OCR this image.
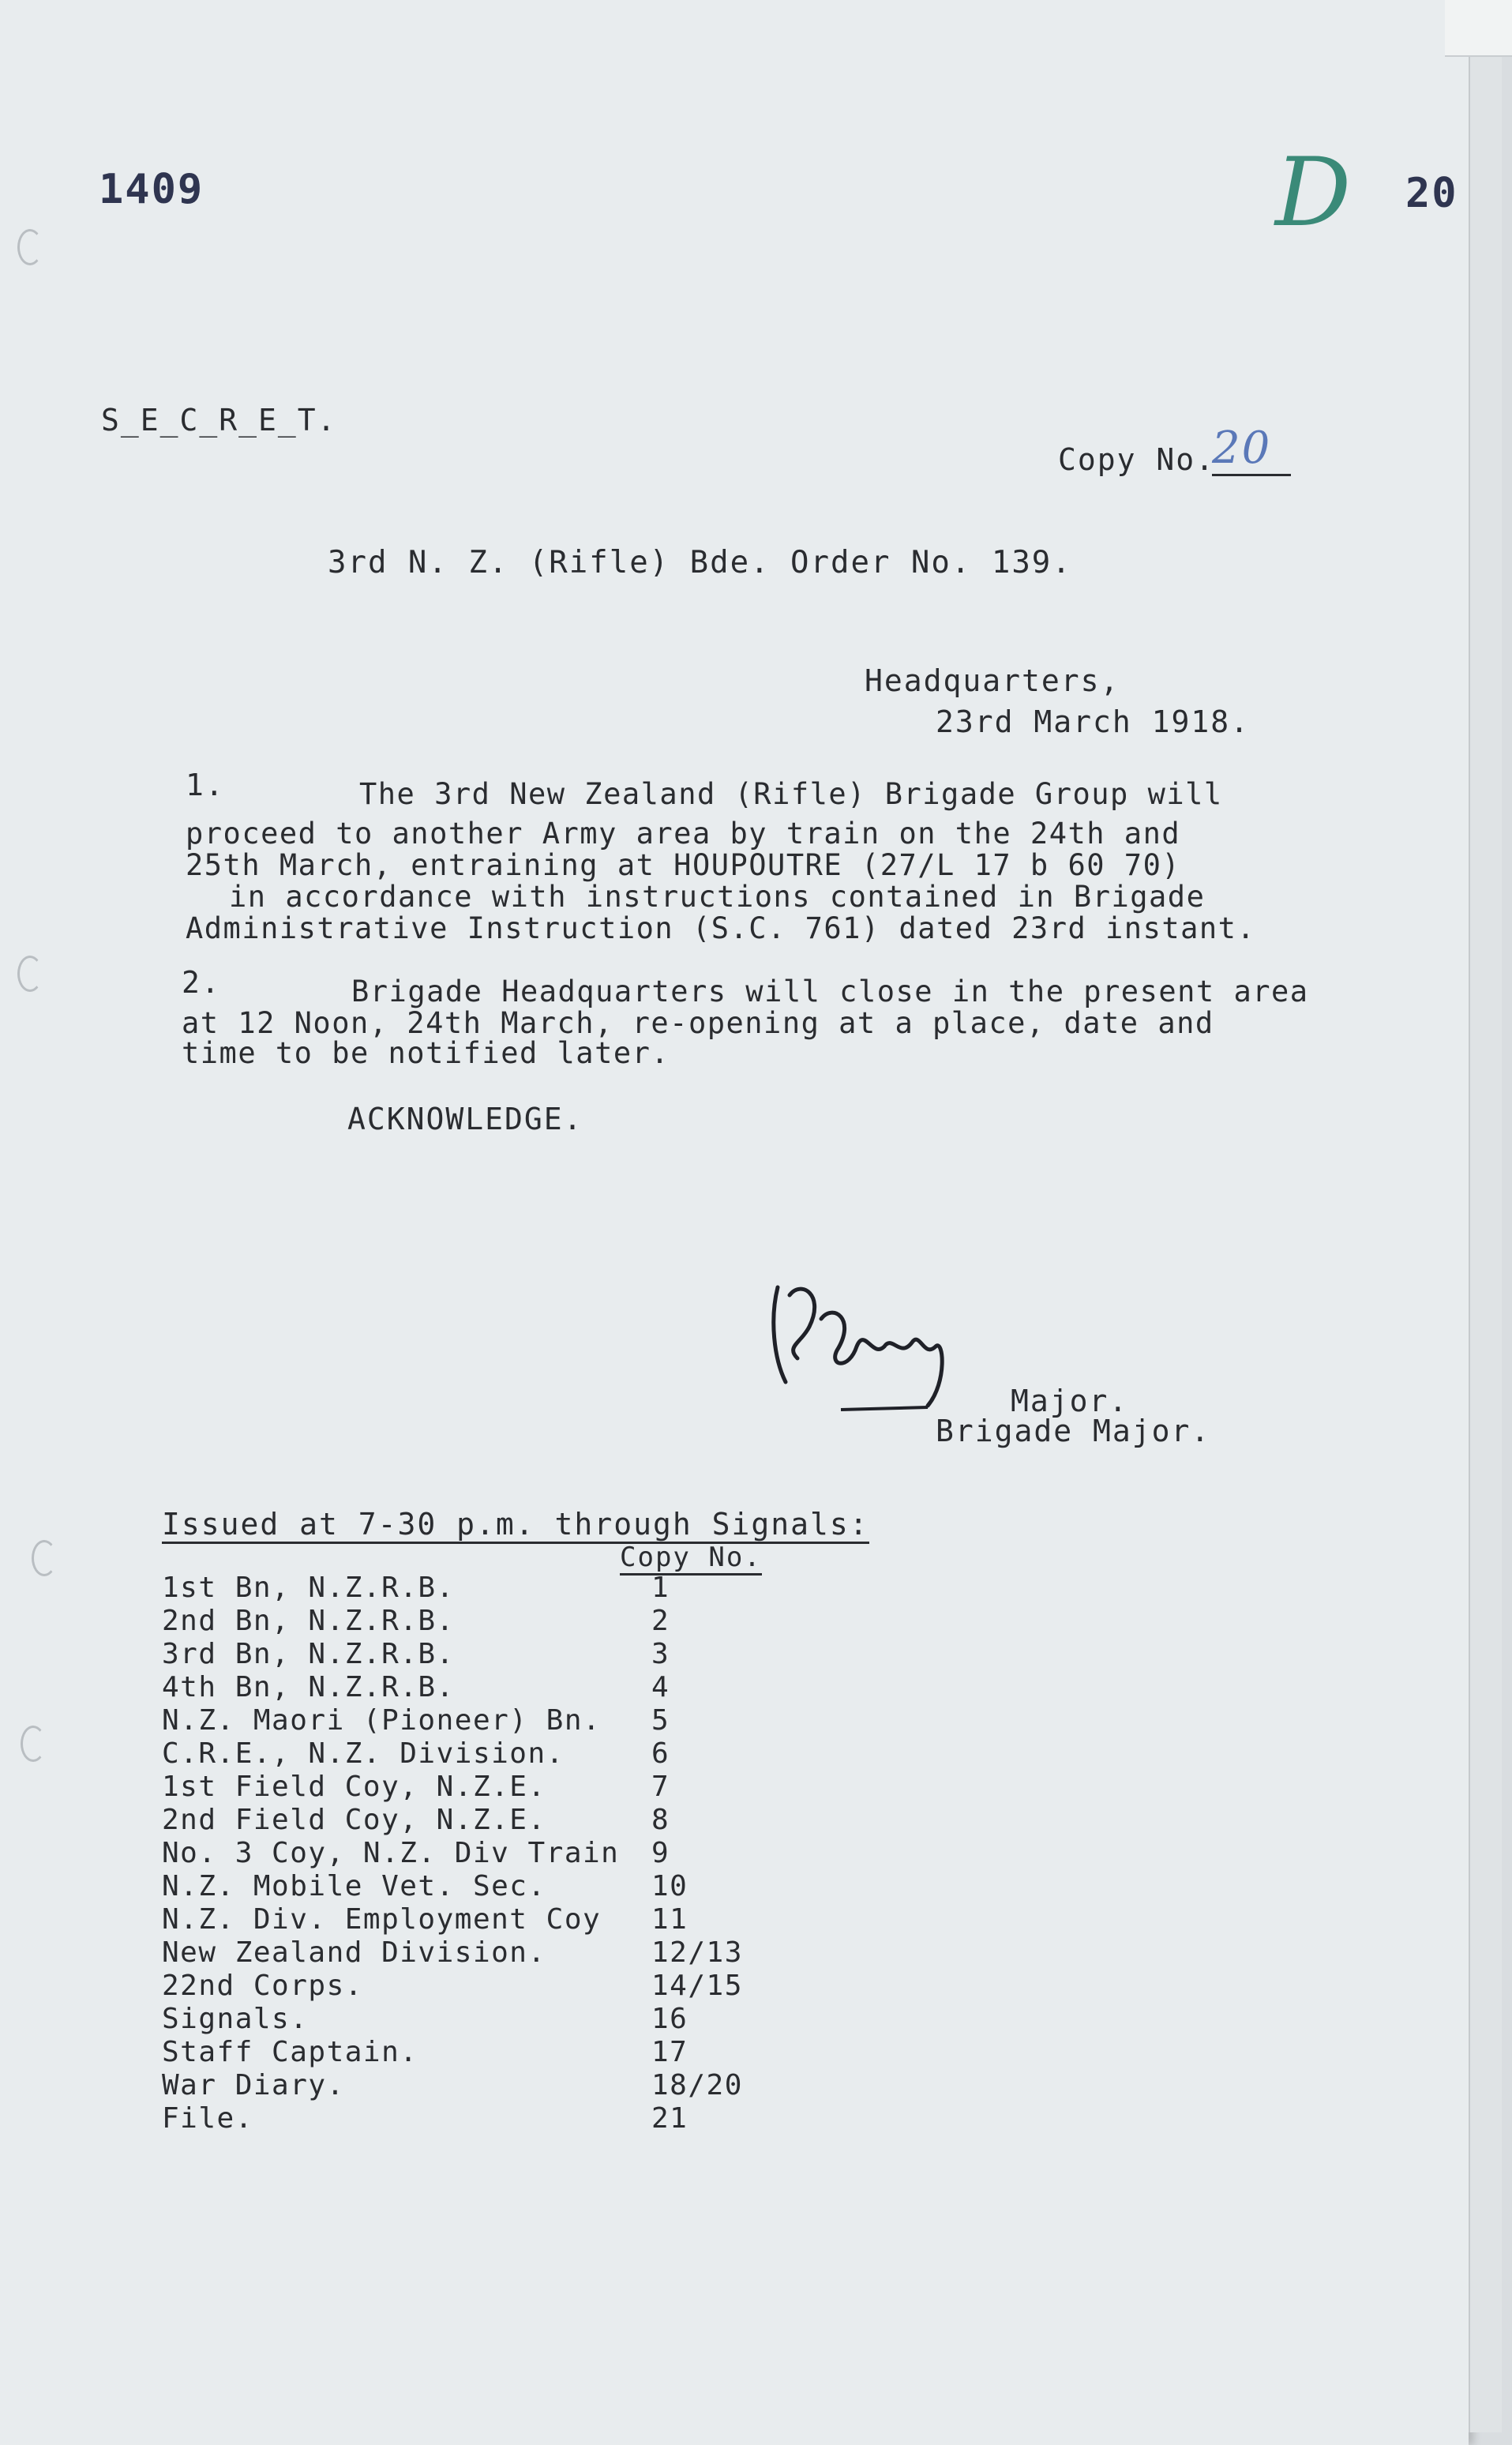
1409	D 20
S_E_C_R_E_T.
Copy No.
20
3rd N. Z. (Rifle) Bde. Order No. 139.
Headquarters,
23rd March 1918.
1.	The 3rd New Zealand (Rifle) Brigade Group will
proceed to another Army area by train on the 24th and
25th March, entraining at HOUPOUTRE (27/L 17 b 60 70)
in accordance with instructions contained in Brigade
Administrative Instruction (S.C. 761) dated 23rd instant.
2.	Brigade Headquarters will close in the present area
at 12 Noon, 24th March, re-opening at a place, date and
time to be notified later.
ACKNOWLEDGE.
Major.
Brigade Major.
Issued at 7-30 p.m. through Signals:
Copy No.
1st Bn, N.Z.R.B.	1
2nd Bn, N.Z.R.B.	2
3rd Bn, N.Z.R.B.	3
4th Bn, N.Z.R.B.	4
N.Z. Maori (Pioneer) Bn. 5
C.R.E., N.Z. Division.	6
1st Field Coy, N.Z.E.	7
2nd Field Coy, N.Z.E.	8
No. 3 Coy, N.Z. Div Train 9
N.Z. Mobile Vet. Sec.	10
N.Z. Div. Employment Coy 11
New Zealand Division.	12/13
22nd Corps.	14/15
Signals.	16
Staff Captain.	17
War Diary.	18/20
File.	21
